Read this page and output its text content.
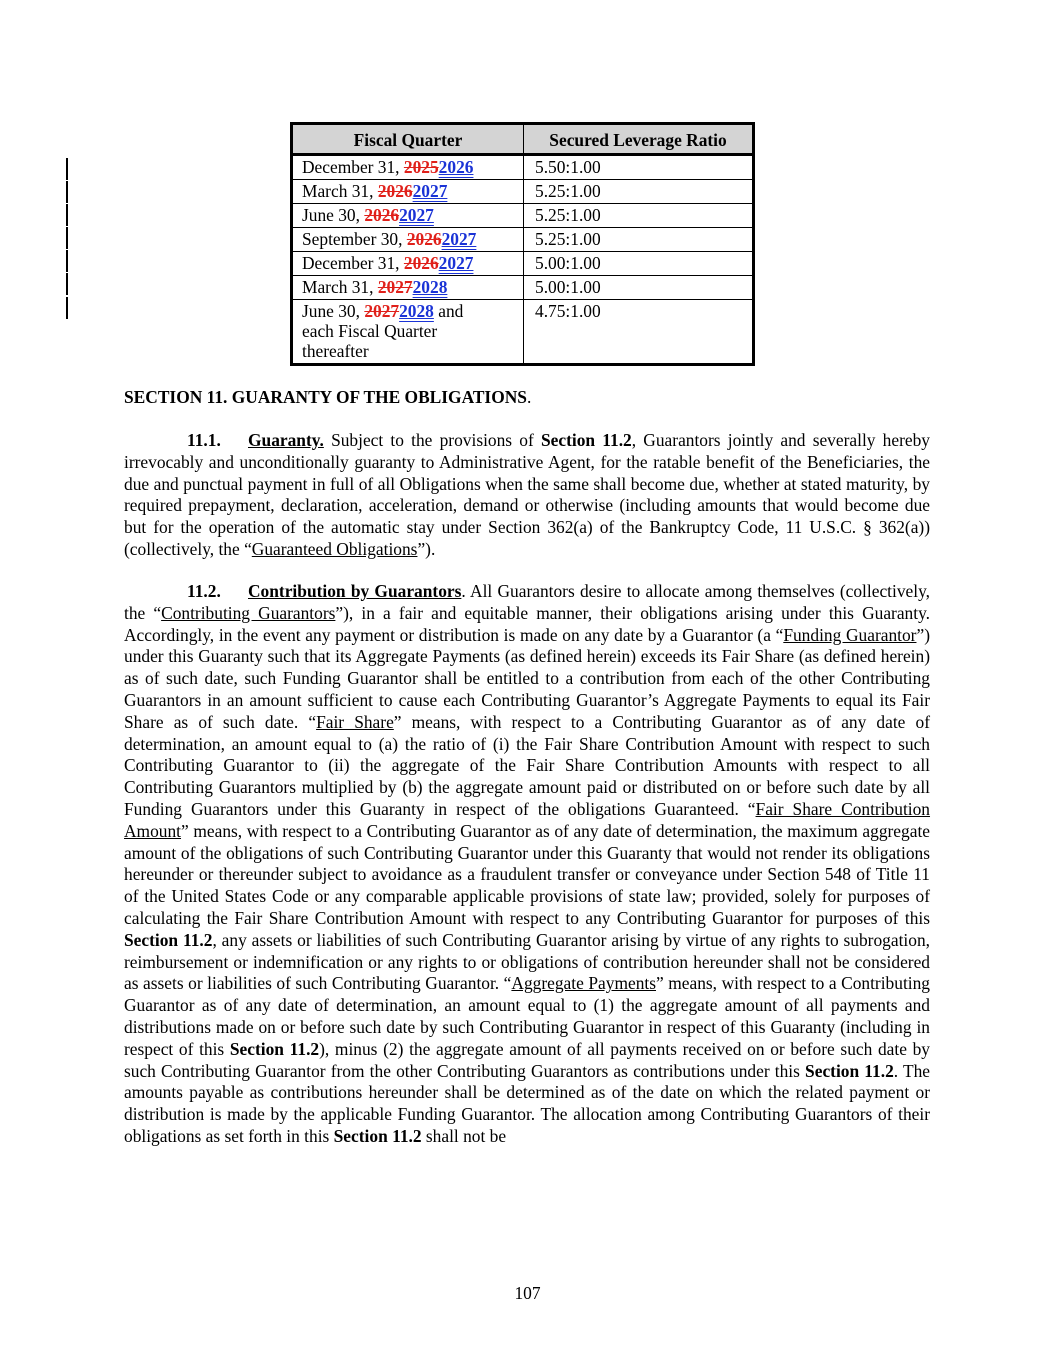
Fiscal Quarter	Secured Leverage Ratio
December 31, 20252026	5.50:1.00
March 31, 20262027	5.25:1.00
June 30, 20262027	5.25:1.00
September 30, 20262027	5.25:1.00
December 31, 20262027	5.00:1.00
March 31, 20272028	5.00:1.00
June 30, 20272028 and
each Fiscal Quarter
thereafter	4.75:1.00

SECTION 11. GUARANTY OF THE OBLIGATIONS.

11.1. Guaranty. Subject to the provisions of Section 11.2, Guarantors jointly and severally hereby irrevocably and unconditionally guaranty to Administrative Agent, for the ratable benefit of the Beneficiaries, the due and punctual payment in full of all Obligations when the same shall become due, whether at stated maturity, by required prepayment, declaration, acceleration, demand or otherwise (including amounts that would become due but for the operation of the automatic stay under Section 362(a) of the Bankruptcy Code, 11 U.S.C. § 362(a)) (collectively, the “Guaranteed Obligations”).

11.2. Contribution by Guarantors. All Guarantors desire to allocate among themselves (collectively, the “Contributing Guarantors”), in a fair and equitable manner, their obligations arising under this Guaranty. Accordingly, in the event any payment or distribution is made on any date by a Guarantor (a “Funding Guarantor”) under this Guaranty such that its Aggregate Payments (as defined herein) exceeds its Fair Share (as defined herein) as of such date, such Funding Guarantor shall be entitled to a contribution from each of the other Contributing Guarantors in an amount sufficient to cause each Contributing Guarantor’s Aggregate Payments to equal its Fair Share as of such date. “Fair Share” means, with respect to a Contributing Guarantor as of any date of determination, an amount equal to (a) the ratio of (i) the Fair Share Contribution Amount with respect to such Contributing Guarantor to (ii) the aggregate of the Fair Share Contribution Amounts with respect to all Contributing Guarantors multiplied by (b) the aggregate amount paid or distributed on or before such date by all Funding Guarantors under this Guaranty in respect of the obligations Guaranteed. “Fair Share Contribution Amount” means, with respect to a Contributing Guarantor as of any date of determination, the maximum aggregate amount of the obligations of such Contributing Guarantor under this Guaranty that would not render its obligations hereunder or thereunder subject to avoidance as a fraudulent transfer or conveyance under Section 548 of Title 11 of the United States Code or any comparable applicable provisions of state law; provided, solely for purposes of calculating the Fair Share Contribution Amount with respect to any Contributing Guarantor for purposes of this Section 11.2, any assets or liabilities of such Contributing Guarantor arising by virtue of any rights to subrogation, reimbursement or indemnification or any rights to or obligations of contribution hereunder shall not be considered as assets or liabilities of such Contributing Guarantor. “Aggregate Payments” means, with respect to a Contributing Guarantor as of any date of determination, an amount equal to (1) the aggregate amount of all payments and distributions made on or before such date by such Contributing Guarantor in respect of this Guaranty (including in respect of this Section 11.2), minus (2) the aggregate amount of all payments received on or before such date by such Contributing Guarantor from the other Contributing Guarantors as contributions under this Section 11.2. The amounts payable as contributions hereunder shall be determined as of the date on which the related payment or distribution is made by the applicable Funding Guarantor. The allocation among Contributing Guarantors of their obligations as set forth in this Section 11.2 shall not be

107
